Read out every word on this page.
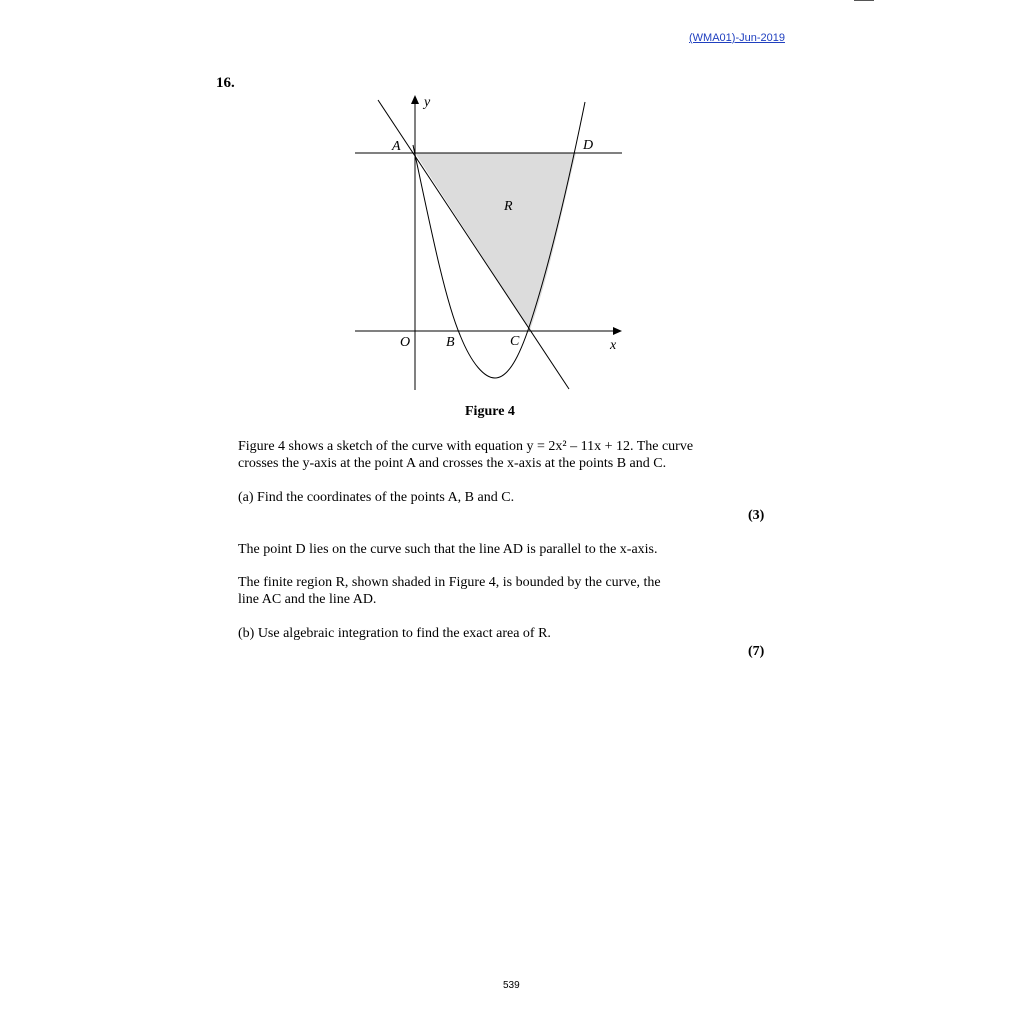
(WMA01)-Jun-2019
16.
y
A	D
R
O	B	C	x
Figure 4

Figure 4 shows a sketch of the curve with equation y = 2x² – 11x + 12. The curve

crosses the y-axis at the point A and crosses the x-axis at the points B and C.

(a) Find the coordinates of the points A, B and C.

(3)

The point D lies on the curve such that the line AD is parallel to the x-axis.

The finite region R, shown shaded in Figure 4, is bounded by the curve, the

line AC and the line AD.

(b) Use algebraic integration to find the exact area of R.

(7)
539
